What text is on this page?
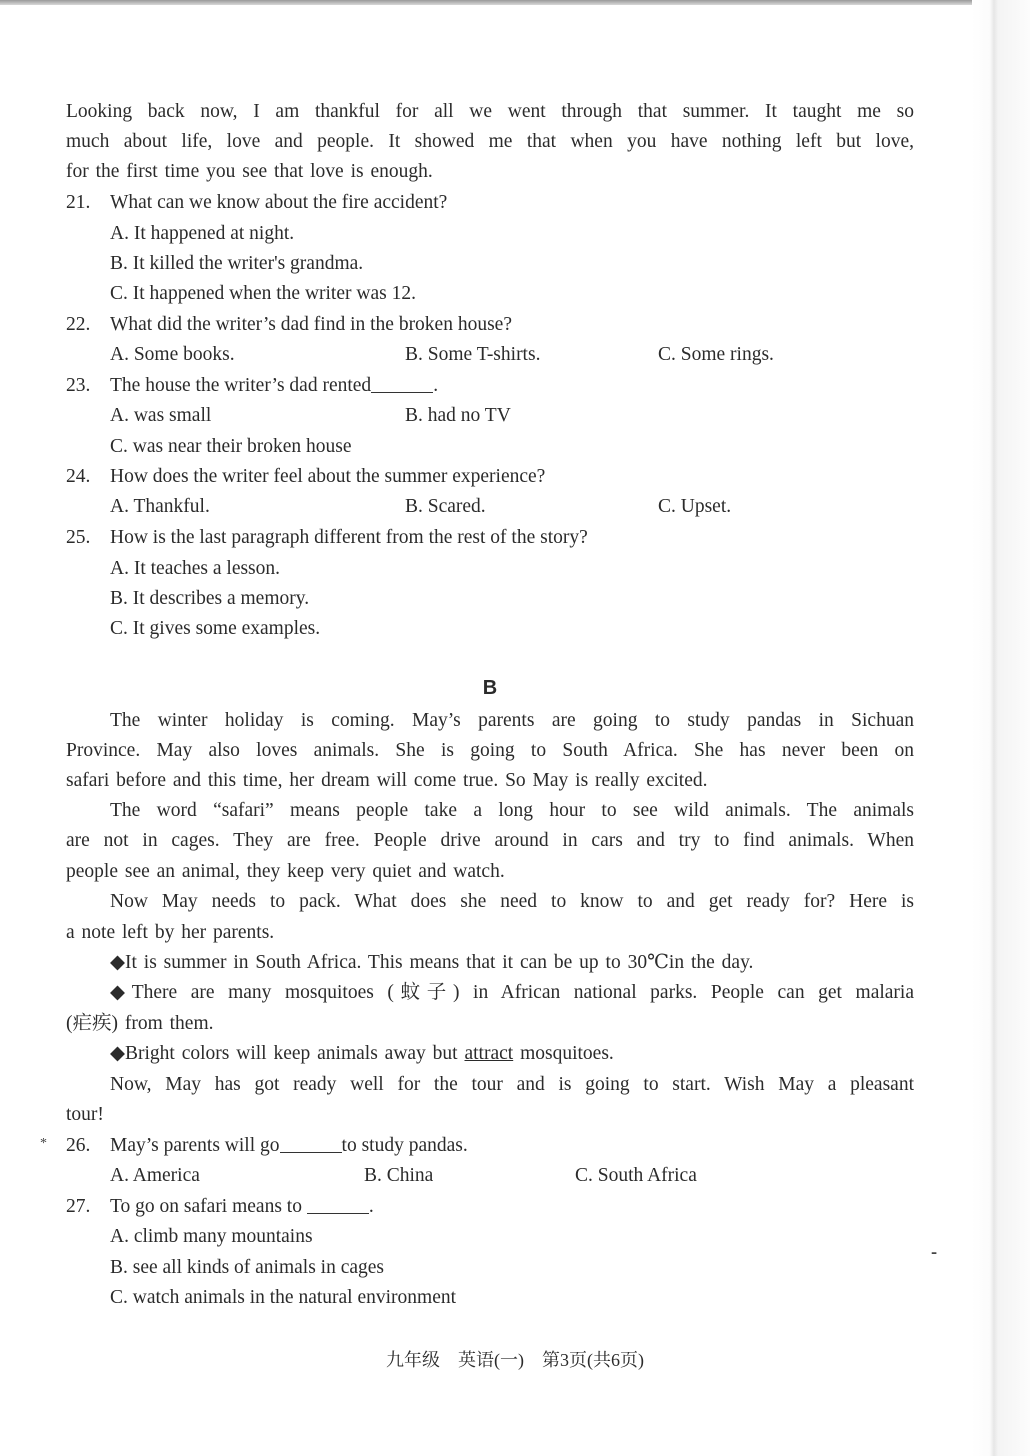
Looking back now, I am thankful for all we went through that summer. It taught me so
much about life, love and people. It showed me that when you have nothing left but love,
for the first time you see that love is enough.
21. What can we know about the fire accident?
A. It happened at night.
B. It killed the writer's grandma.
C. It happened when the writer was 12.
22. What did the writer’s dad find in the broken house?
A. Some books.	B. Some T-shirts.	C. Some rings.
23. The house the writer’s dad rented	.
A. was small	B. had no TV
C. was near their broken house
24. How does the writer feel about the summer experience?
A. Thankful.	B. Scared.	C. Upset.
25. How is the last paragraph different from the rest of the story?
A. It teaches a lesson.
B. It describes a memory.
C. It gives some examples.
B
The winter holiday is coming. May’s parents are going to study pandas in Sichuan
Province. May also loves animals. She is going to South Africa. She has never been on
safari before and this time, her dream will come true. So May is really excited.
The word “safari” means people take a long hour to see wild animals. The animals
are not in cages. They are free. People drive around in cars and try to find animals. When
people see an animal, they keep very quiet and watch.
Now May needs to pack. What does she need to know to and get ready for? Here is
a note left by her parents.
◆It is summer in South Africa. This means that it can be up to 30℃in the day.
◆There are many mosquitoes (蚊子) in African national parks. People can get malaria
(疟疾) from them.
◆Bright colors will keep animals away but attract mosquitoes.
Now, May has got ready well for the tour and is going to start. Wish May a pleasant
tour!
* 26. May’s parents will go	to study pandas.
A. America	B. China	C. South Africa
27. To go on safari means to	.
A. climb many mountains
B. see all kinds of animals in cages
C. watch animals in the natural environment
⁃
九年级　英语(一)　第3页(共6页)
